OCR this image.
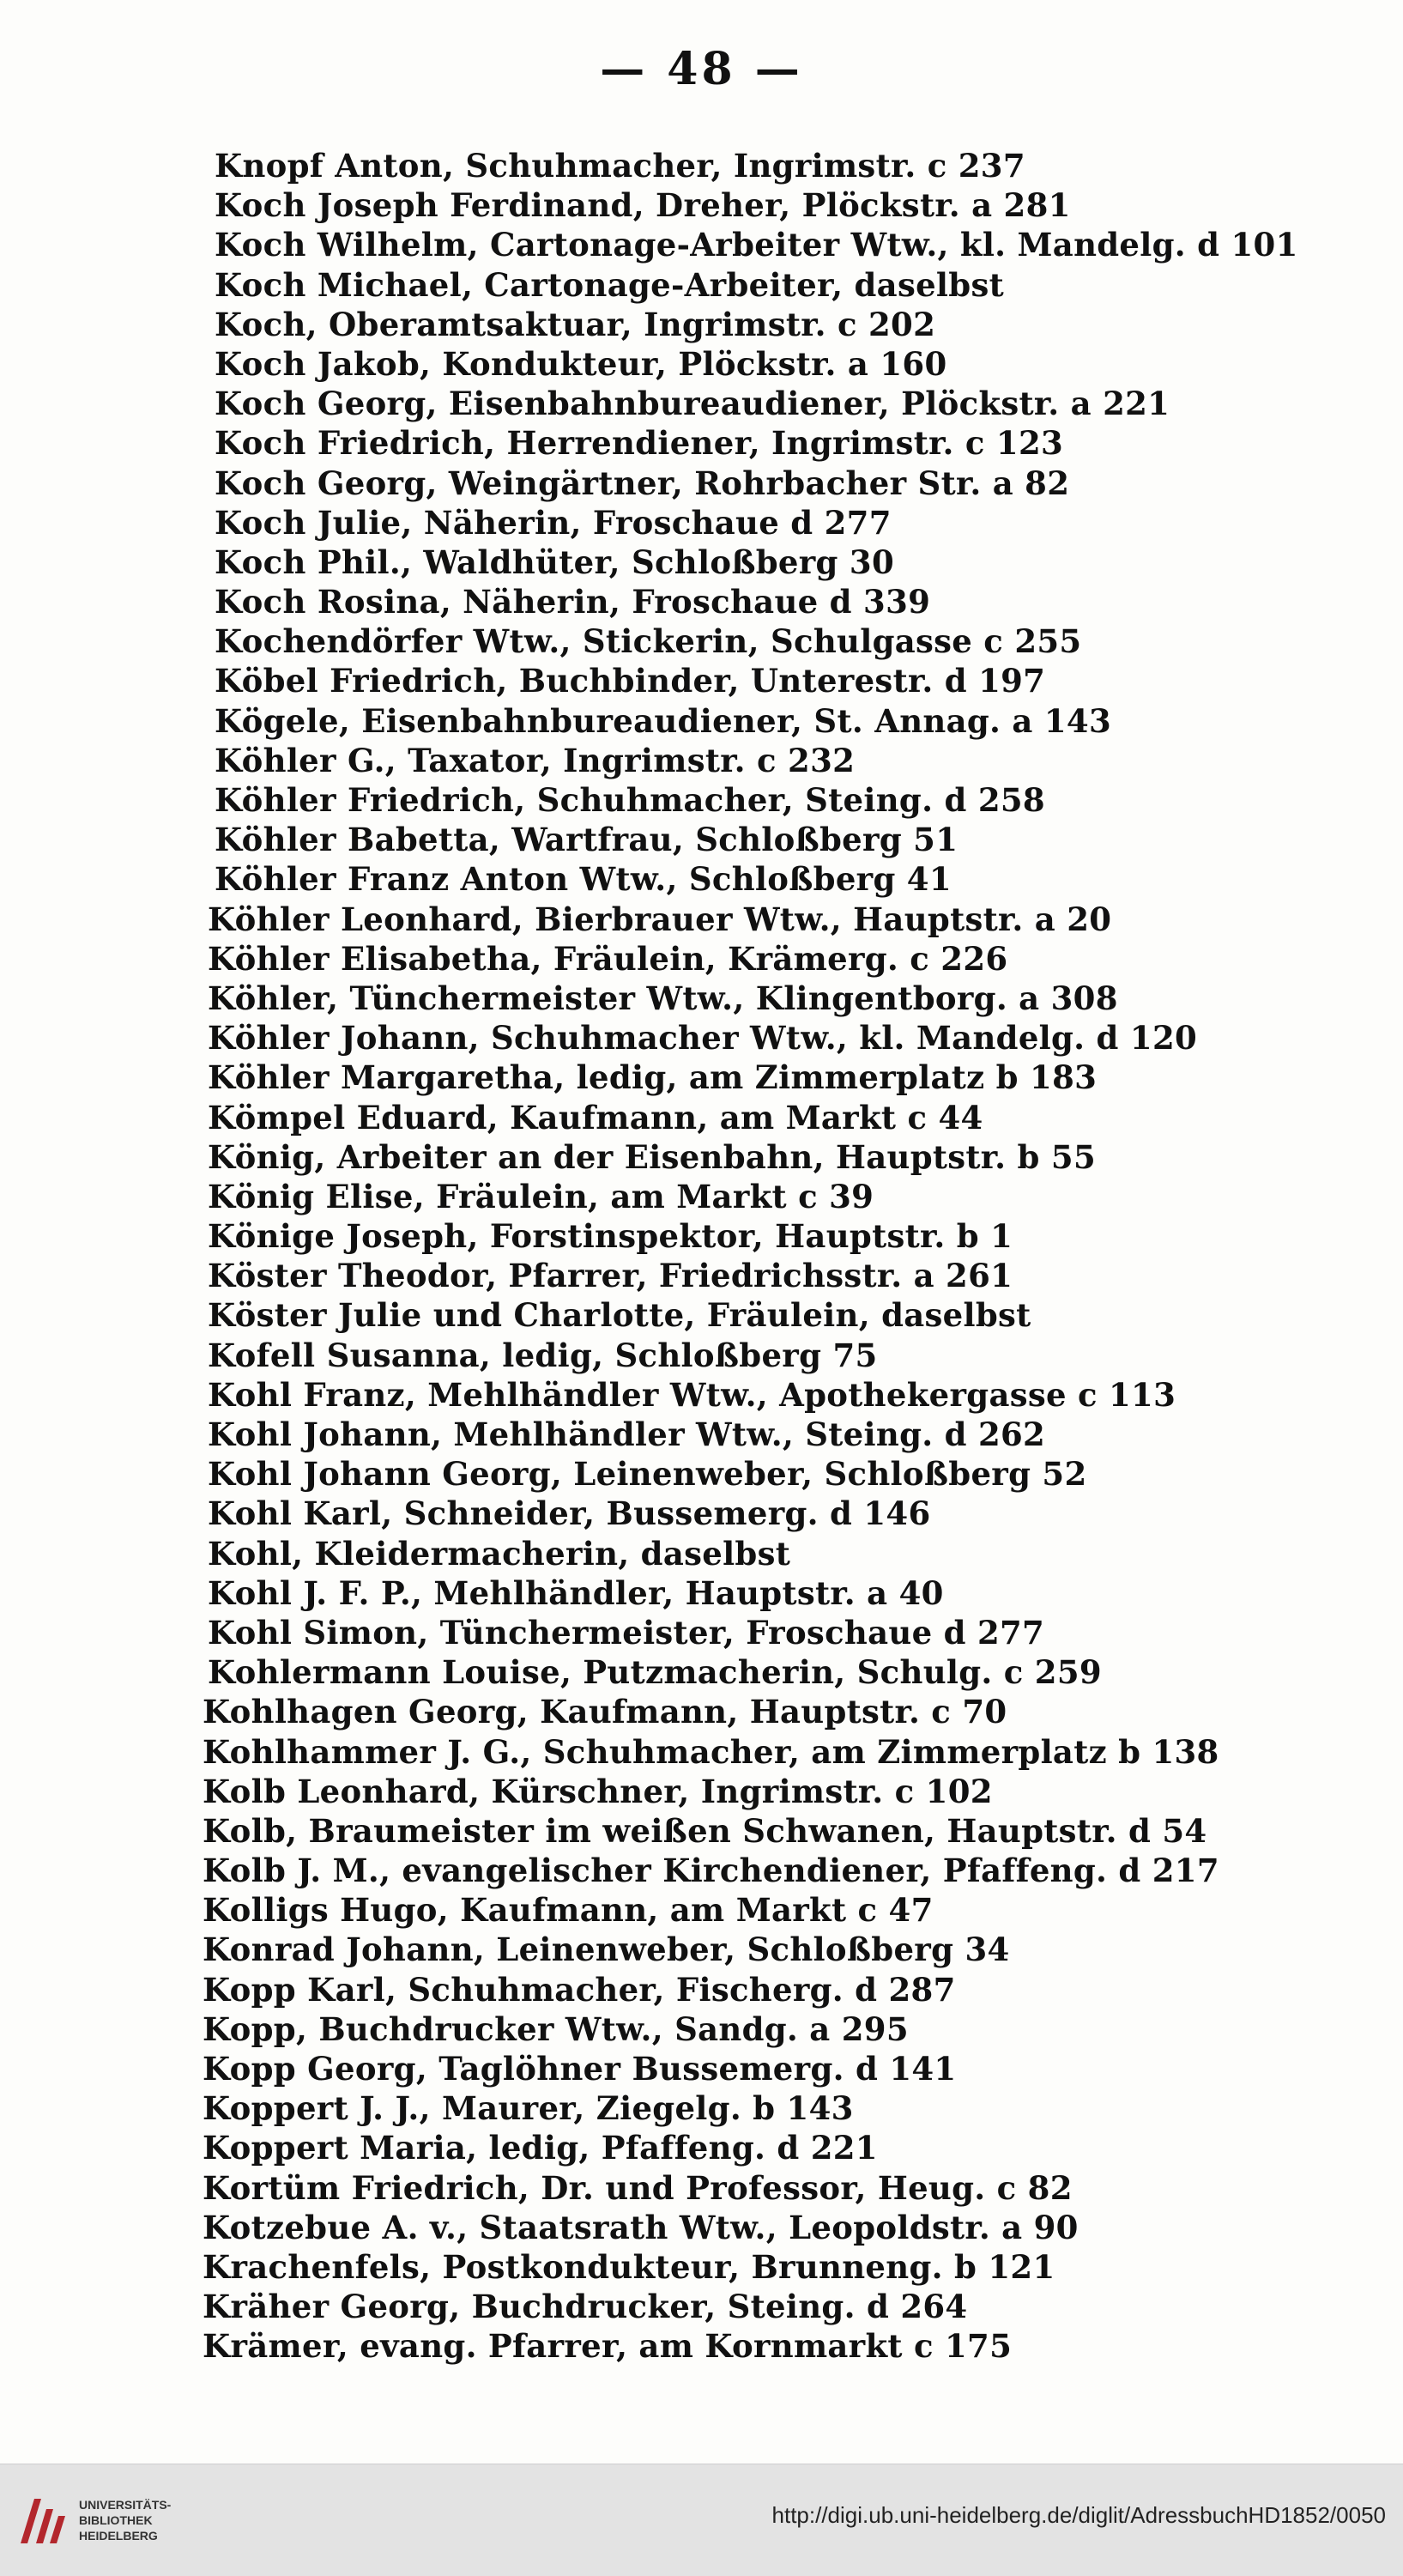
— 48 —
Knopf Anton, Schuhmacher, Ingrimstr. c 237
Koch Joseph Ferdinand, Dreher, Plöckstr. a 281
Koch Wilhelm, Cartonage-Arbeiter Wtw., kl. Mandelg. d 101
Koch Michael, Cartonage-Arbeiter, daselbst
Koch, Oberamtsaktuar, Ingrimstr. c 202
Koch Jakob, Kondukteur, Plöckstr. a 160
Koch Georg, Eisenbahnbureaudiener, Plöckstr. a 221
Koch Friedrich, Herrendiener, Ingrimstr. c 123
Koch Georg, Weingärtner, Rohrbacher Str. a 82
Koch Julie, Näherin, Froschaue d 277
Koch Phil., Waldhüter, Schloßberg 30
Koch Rosina, Näherin, Froschaue d 339
Kochendörfer Wtw., Stickerin, Schulgasse c 255
Köbel Friedrich, Buchbinder, Unterestr. d 197
Kögele, Eisenbahnbureaudiener, St. Annag. a 143
Köhler G., Taxator, Ingrimstr. c 232
Köhler Friedrich, Schuhmacher, Steing. d 258
Köhler Babetta, Wartfrau, Schloßberg 51
Köhler Franz Anton Wtw., Schloßberg 41
Köhler Leonhard, Bierbrauer Wtw., Hauptstr. a 20
Köhler Elisabetha, Fräulein, Krämerg. c 226
Köhler, Tünchermeister Wtw., Klingentborg. a 308
Köhler Johann, Schuhmacher Wtw., kl. Mandelg. d 120
Köhler Margaretha, ledig, am Zimmerplatz b 183
Kömpel Eduard, Kaufmann, am Markt c 44
König, Arbeiter an der Eisenbahn, Hauptstr. b 55
König Elise, Fräulein, am Markt c 39
Könige Joseph, Forstinspektor, Hauptstr. b 1
Köster Theodor, Pfarrer, Friedrichsstr. a 261
Köster Julie und Charlotte, Fräulein, daselbst
Kofell Susanna, ledig, Schloßberg 75
Kohl Franz, Mehlhändler Wtw., Apothekergasse c 113
Kohl Johann, Mehlhändler Wtw., Steing. d 262
Kohl Johann Georg, Leinenweber, Schloßberg 52
Kohl Karl, Schneider, Bussemerg. d 146
Kohl, Kleidermacherin, daselbst
Kohl J. F. P., Mehlhändler, Hauptstr. a 40
Kohl Simon, Tünchermeister, Froschaue d 277
Kohlermann Louise, Putzmacherin, Schulg. c 259
Kohlhagen Georg, Kaufmann, Hauptstr. c 70
Kohlhammer J. G., Schuhmacher, am Zimmerplatz b 138
Kolb Leonhard, Kürschner, Ingrimstr. c 102
Kolb, Braumeister im weißen Schwanen, Hauptstr. d 54
Kolb J. M., evangelischer Kirchendiener, Pfaffeng. d 217
Kolligs Hugo, Kaufmann, am Markt c 47
Konrad Johann, Leinenweber, Schloßberg 34
Kopp Karl, Schuhmacher, Fischerg. d 287
Kopp, Buchdrucker Wtw., Sandg. a 295
Kopp Georg, Taglöhner Bussemerg. d 141
Koppert J. J., Maurer, Ziegelg. b 143
Koppert Maria, ledig, Pfaffeng. d 221
Kortüm Friedrich, Dr. und Professor, Heug. c 82
Kotzebue A. v., Staatsrath Wtw., Leopoldstr. a 90
Krachenfels, Postkondukteur, Brunneng. b 121
Kräher Georg, Buchdrucker, Steing. d 264
Krämer, evang. Pfarrer, am Kornmarkt c 175
UNIVERSITÄTS-
BIBLIOTHEK
HEIDELBERG
http://digi.ub.uni-heidelberg.de/diglit/AdressbuchHD1852/0050
